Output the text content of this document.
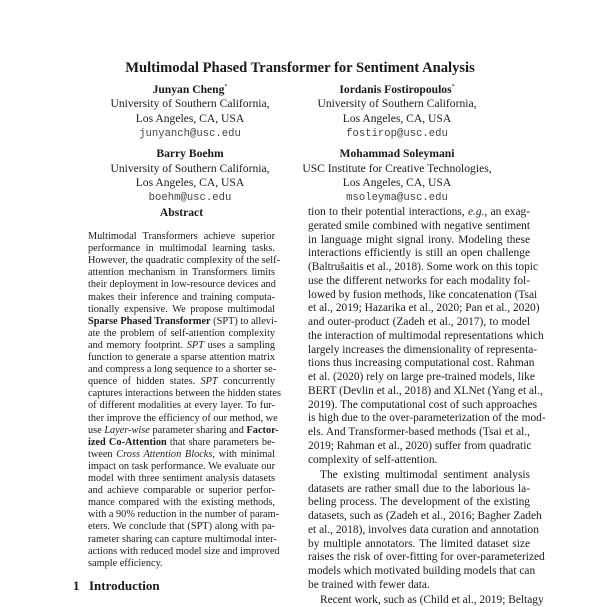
Multimodal Phased Transformer for Sentiment Analysis
Junyan Cheng*
University of Southern California,
Los Angeles, CA, USA
junyanch@usc.edu
Iordanis Fostiropoulos*
University of Southern California,
Los Angeles, CA, USA
fostirop@usc.edu
Barry Boehm
University of Southern California,
Los Angeles, CA, USA
boehm@usc.edu
Mohammad Soleymani
USC Institute for Creative Technologies,
Los Angeles, CA, USA
msoleyma@usc.edu
Abstract
Multimodal Transformers achieve superior
performance in multimodal learning tasks.
However, the quadratic complexity of the self-
attention mechanism in Transformers limits
their deployment in low-resource devices and
makes their inference and training computa-
tionally expensive. We propose multimodal
Sparse Phased Transformer (SPT) to allevi-
ate the problem of self-attention complexity
and memory footprint. SPT uses a sampling
function to generate a sparse attention matrix
and compress a long sequence to a shorter se-
quence of hidden states. SPT concurrently
captures interactions between the hidden states
of different modalities at every layer. To fur-
ther improve the efficiency of our method, we
use Layer-wise parameter sharing and Factor-
ized Co-Attention that share parameters be-
tween Cross Attention Blocks, with minimal
impact on task performance. We evaluate our
model with three sentiment analysis datasets
and achieve comparable or superior perfor-
mance compared with the existing methods,
with a 90% reduction in the number of param-
eters. We conclude that (SPT) along with pa-
rameter sharing can capture multimodal inter-
actions with reduced model size and improved
sample efficiency.
1 Introduction
tion to their potential interactions, e.g., an exag-
gerated smile combined with negative sentiment
in language might signal irony. Modeling these
interactions efficiently is still an open challenge
(Baltrušaitis et al., 2018). Some work on this topic
use the different networks for each modality fol-
lowed by fusion methods, like concatenation (Tsai
et al., 2019; Hazarika et al., 2020; Pan et al., 2020)
and outer-product (Zadeh et al., 2017), to model
the interaction of multimodal representations which
largely increases the dimensionality of representa-
tions thus increasing computational cost. Rahman
et al. (2020) rely on large pre-trained models, like
BERT (Devlin et al., 2018) and XLNet (Yang et al.,
2019). The computational cost of such approaches
is high due to the over-parameterization of the mod-
els. And Transformer-based methods (Tsai et al.,
2019; Rahman et al., 2020) suffer from quadratic
complexity of self-attention.
The existing multimodal sentiment analysis
datasets are rather small due to the laborious la-
beling process. The development of the existing
datasets, such as (Zadeh et al., 2016; Bagher Zadeh
et al., 2018), involves data curation and annotation
by multiple annotators. The limited dataset size
raises the risk of over-fitting for over-parameterized
models which motivated building models that can
be trained with fewer data.
Recent work, such as (Child et al., 2019; Beltagy
